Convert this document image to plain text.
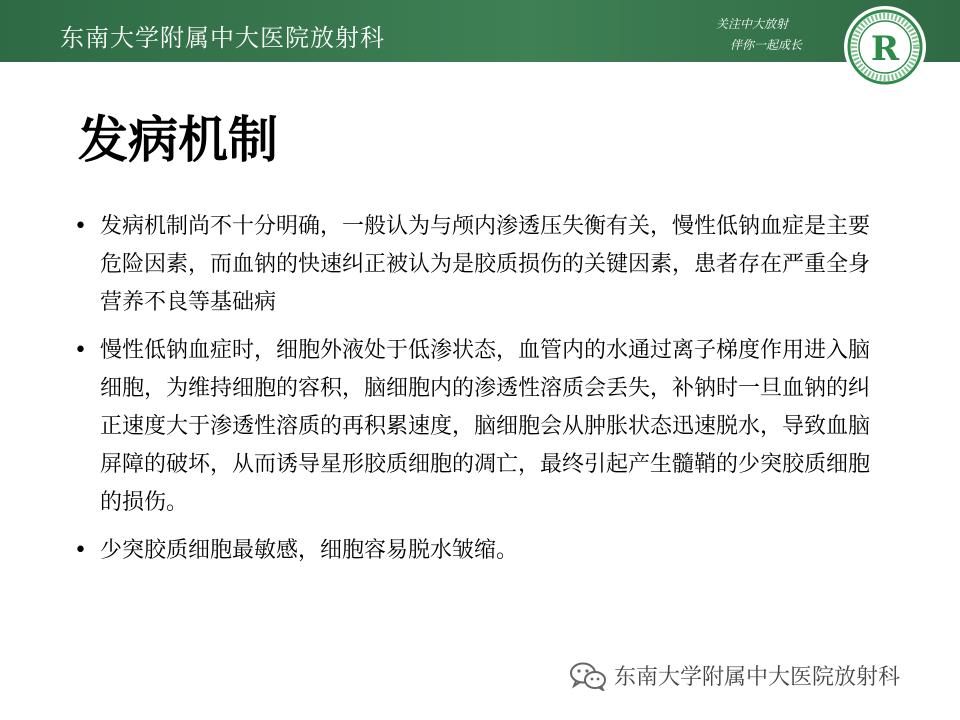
东南大学附属中大医院放射科	关注中大放射
伴你一起成长 R
发病机制
• 发病机制尚不十分明确，一般认为与颅内渗透压失衡有关，慢性低钠血症是主要危险因素，而血钠的快速纠正被认为是胶质损伤的关键因素，患者存在严重全身营养不良等基础病
• 慢性低钠血症时，细胞外液处于低渗状态，血管内的水通过离子梯度作用进入脑细胞，为维持细胞的容积，脑细胞内的渗透性溶质会丢失，补钠时一旦血钠的纠正速度大于渗透性溶质的再积累速度，脑细胞会从肿胀状态迅速脱水，导致血脑屏障的破坏，从而诱导星形胶质细胞的凋亡，最终引起产生髓鞘的少突胶质细胞的损伤。
• 少突胶质细胞最敏感，细胞容易脱水皱缩。
东南大学附属中大医院放射科
